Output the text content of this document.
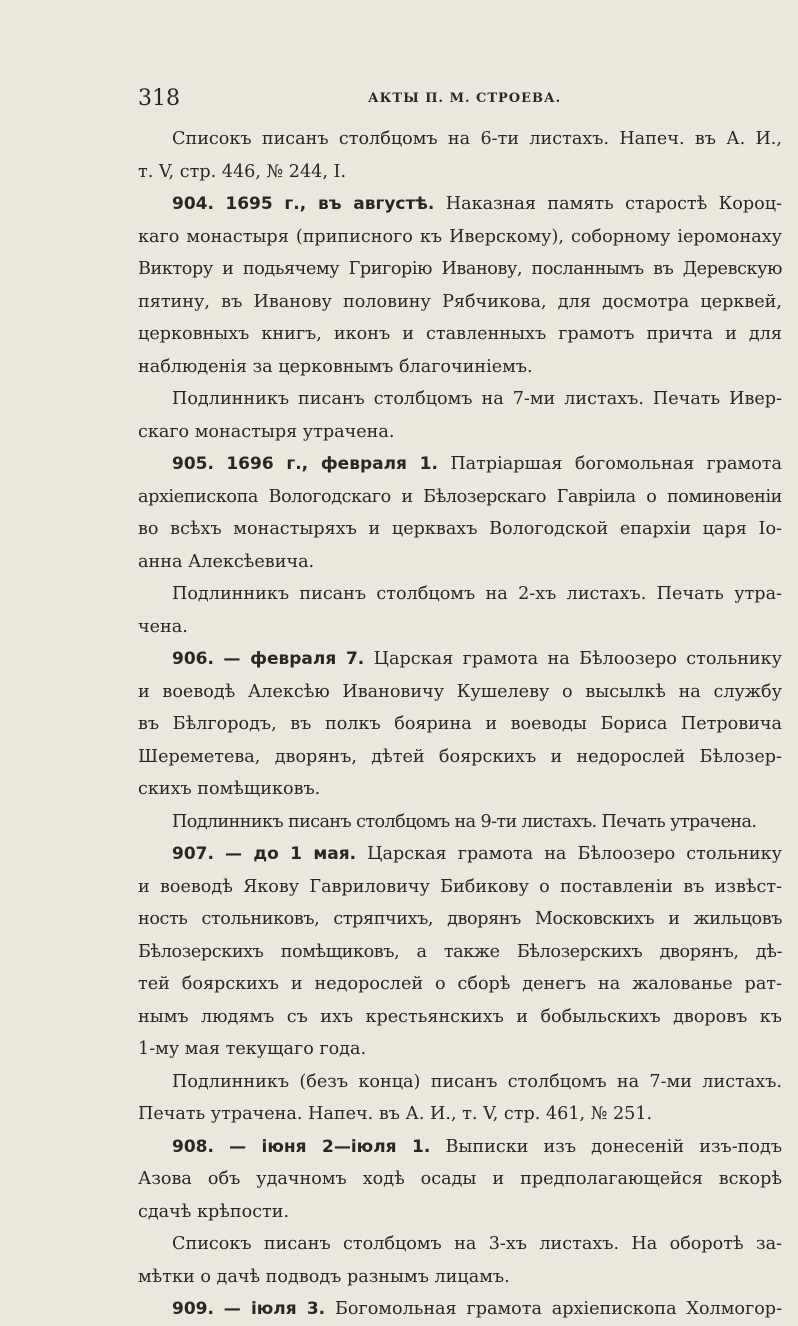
318	АКТЫ П. М. СТРОЕВА.
Списокъ писанъ столбцомъ на 6-ти листахъ. Напеч. въ А. И.,
т. V, стр. 446, № 244, I.
904. 1695 г., въ августѣ. Наказная память старостѣ Короц-
каго монастыря (приписного къ Иверскому), соборному іеромонаху
Виктору и подьячему Григорію Иванову, посланнымъ въ Деревскую
пятину, въ Иванову половину Рябчикова, для досмотра церквей,
церковныхъ книгъ, иконъ и ставленныхъ грамотъ причта и для
наблюденія за церковнымъ благочиніемъ.
Подлинникъ писанъ столбцомъ на 7-ми листахъ. Печать Ивер-
скаго монастыря утрачена.
905. 1696 г., февраля 1. Патріаршая богомольная грамота
архіепископа Вологодскаго и Бѣлозерскаго Гавріила о поминовеніи
во всѣхъ монастыряхъ и церквахъ Вологодской епархіи царя Іо-
анна Алексѣевича.
Подлинникъ писанъ столбцомъ на 2-хъ листахъ. Печать утра-
чена.
906. — февраля 7. Царская грамота на Бѣлоозеро стольнику
и воеводѣ Алексѣю Ивановичу Кушелеву о высылкѣ на службу
въ Бѣлгородъ, въ полкъ боярина и воеводы Бориса Петровича
Шереметева, дворянъ, дѣтей боярскихъ и недорослей Бѣлозер-
скихъ помѣщиковъ.
Подлинникъ писанъ столбцомъ на 9-ти листахъ. Печать утрачена.
907. — до 1 мая. Царская грамота на Бѣлоозеро стольнику
и воеводѣ Якову Гавриловичу Бибикову о поставленіи въ извѣст-
ность стольниковъ, стряпчихъ, дворянъ Московскихъ и жильцовъ
Бѣлозерскихъ помѣщиковъ, а также Бѣлозерскихъ дворянъ, дѣ-
тей боярскихъ и недорослей о сборѣ денегъ на жалованье рат-
нымъ людямъ съ ихъ крестьянскихъ и бобыльскихъ дворовъ къ
1-му мая текущаго года.
Подлинникъ (безъ конца) писанъ столбцомъ на 7-ми листахъ.
Печать утрачена. Напеч. въ А. И., т. V, стр. 461, № 251.
908. — іюня 2—іюля 1. Выписки изъ донесеній изъ-подъ
Азова объ удачномъ ходѣ осады и предполагающейся вскорѣ
сдачѣ крѣпости.
Списокъ писанъ столбцомъ на 3-хъ листахъ. На оборотѣ за-
мѣтки о дачѣ подводъ разнымъ лицамъ.
909. — іюля 3. Богомольная грамота архіепископа Холмогор-
